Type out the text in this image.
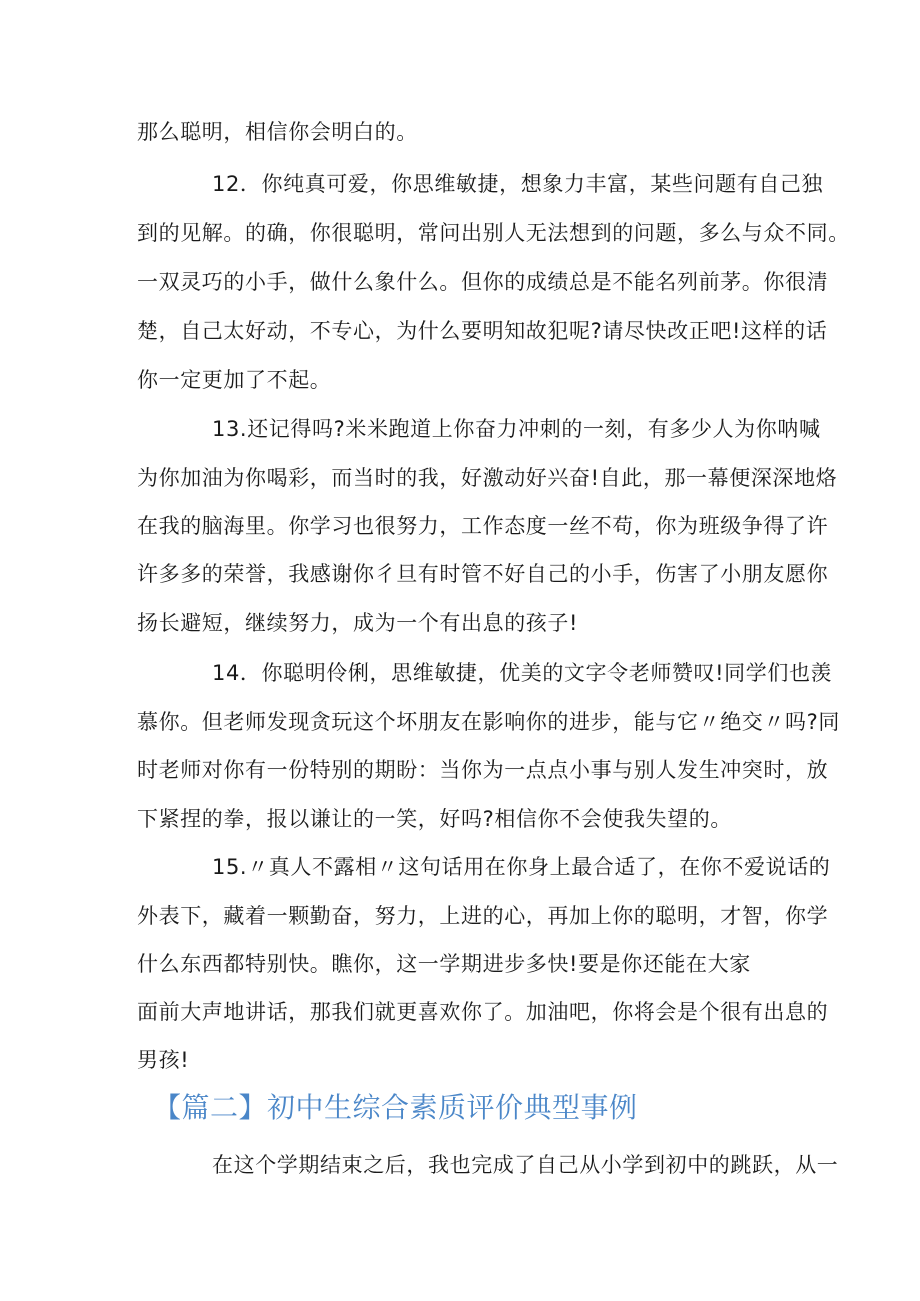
那么聪明，相信你会明白的。
12．你纯真可爱，你思维敏捷，想象力丰富，某些问题有自己独
到的见解。的确，你很聪明，常问出别人无法想到的问题，多么与众不同。
一双灵巧的小手，做什么象什么。但你的成绩总是不能名列前茅。你很清
楚，自己太好动，不专心，为什么要明知故犯呢?请尽快改正吧!这样的话
你一定更加了不起。
13.还记得吗?米米跑道上你奋力冲刺的一刻，有多少人为你呐喊
为你加油为你喝彩，而当时的我，好激动好兴奋!自此，那一幕便深深地烙
在我的脑海里。你学习也很努力，工作态度一丝不苟，你为班级争得了许
许多多的荣誉，我感谢你彳旦有时管不好自己的小手，伤害了小朋友愿你
扬长避短，继续努力，成为一个有出息的孩子!
14．你聪明伶俐，思维敏捷，优美的文字令老师赞叹!同学们也羡
慕你。但老师发现贪玩这个坏朋友在影响你的进步，能与它〃绝交〃吗?同
时老师对你有一份特别的期盼：当你为一点点小事与别人发生冲突时，放
下紧捏的拳，报以谦让的一笑，好吗?相信你不会使我失望的。
15.〃真人不露相〃这句话用在你身上最合适了，在你不爱说话的
外表下，藏着一颗勤奋，努力，上进的心，再加上你的聪明，才智，你学
什么东西都特别快。瞧你，这一学期进步多快!要是你还能在大家
面前大声地讲话，那我们就更喜欢你了。加油吧，你将会是个很有出息的
男孩!
【篇二】初中生综合素质评价典型事例
在这个学期结束之后，我也完成了自己从小学到初中的跳跃，从一
